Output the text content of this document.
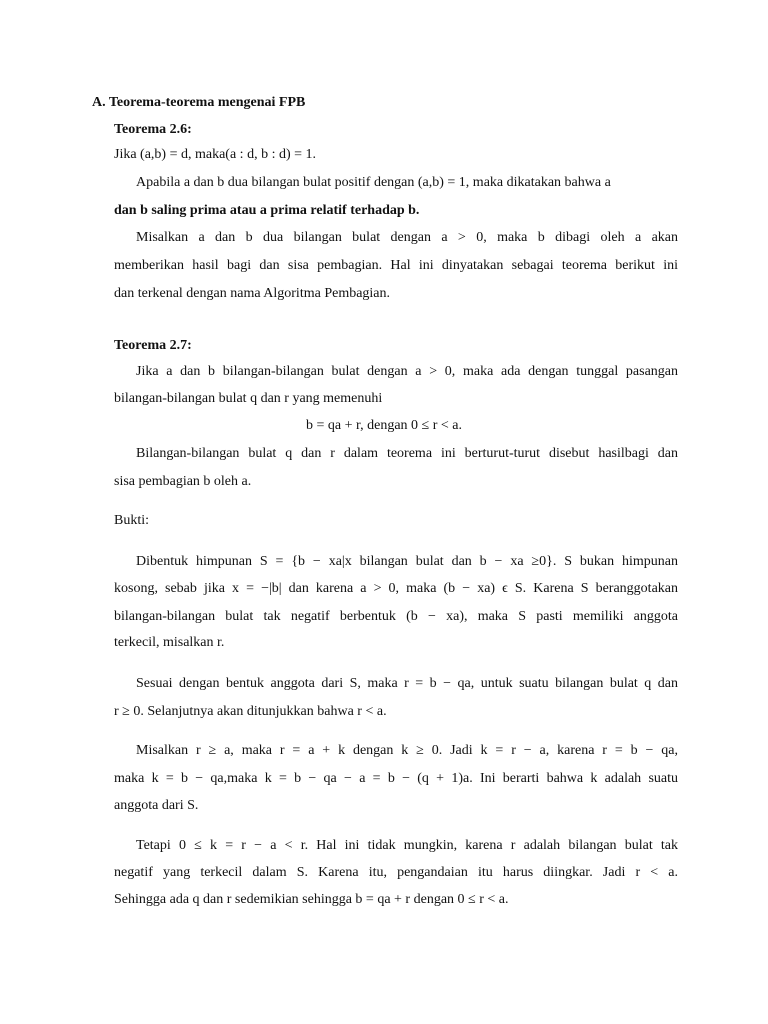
A. Teorema-teorema mengenai FPB
Teorema 2.6:
Jika (a,b) = d, maka(a : d, b : d) = 1.
Apabila a dan b dua bilangan bulat positif dengan (a,b) = 1, maka dikatakan bahwa a
dan b saling prima atau a prima relatif terhadap b.
Misalkan a dan b dua bilangan bulat dengan a > 0, maka b dibagi oleh a akan
memberikan hasil bagi dan sisa pembagian. Hal ini dinyatakan sebagai teorema berikut ini
dan terkenal dengan nama Algoritma Pembagian.
Teorema 2.7:
Jika a dan b bilangan-bilangan bulat dengan a > 0, maka ada dengan tunggal pasangan
bilangan-bilangan bulat q dan r yang memenuhi
b = qa + r, dengan 0 ≤ r < a.
Bilangan-bilangan bulat q dan r dalam teorema ini berturut-turut disebut hasilbagi dan
sisa pembagian b oleh a.
Bukti:
Dibentuk himpunan S = {b − xa|x bilangan bulat dan b − xa ≥0}. S bukan himpunan
kosong, sebab jika x = −|b| dan karena a > 0, maka (b − xa) ϵ S. Karena S beranggotakan
bilangan-bilangan bulat tak negatif berbentuk (b − xa), maka S pasti memiliki anggota
terkecil, misalkan r.
Sesuai dengan bentuk anggota dari S, maka r = b − qa, untuk suatu bilangan bulat q dan
r ≥ 0. Selanjutnya akan ditunjukkan bahwa r < a.
Misalkan r ≥ a, maka r = a + k dengan k ≥ 0. Jadi k = r − a, karena r = b − qa,
maka k = b − qa,maka k = b − qa − a = b − (q + 1)a. Ini berarti bahwa k adalah suatu
anggota dari S.
Tetapi 0 ≤ k = r − a < r. Hal ini tidak mungkin, karena r adalah bilangan bulat tak
negatif yang terkecil dalam S. Karena itu, pengandaian itu harus diingkar. Jadi r < a.
Sehingga ada q dan r sedemikian sehingga b = qa + r dengan 0 ≤ r < a.
